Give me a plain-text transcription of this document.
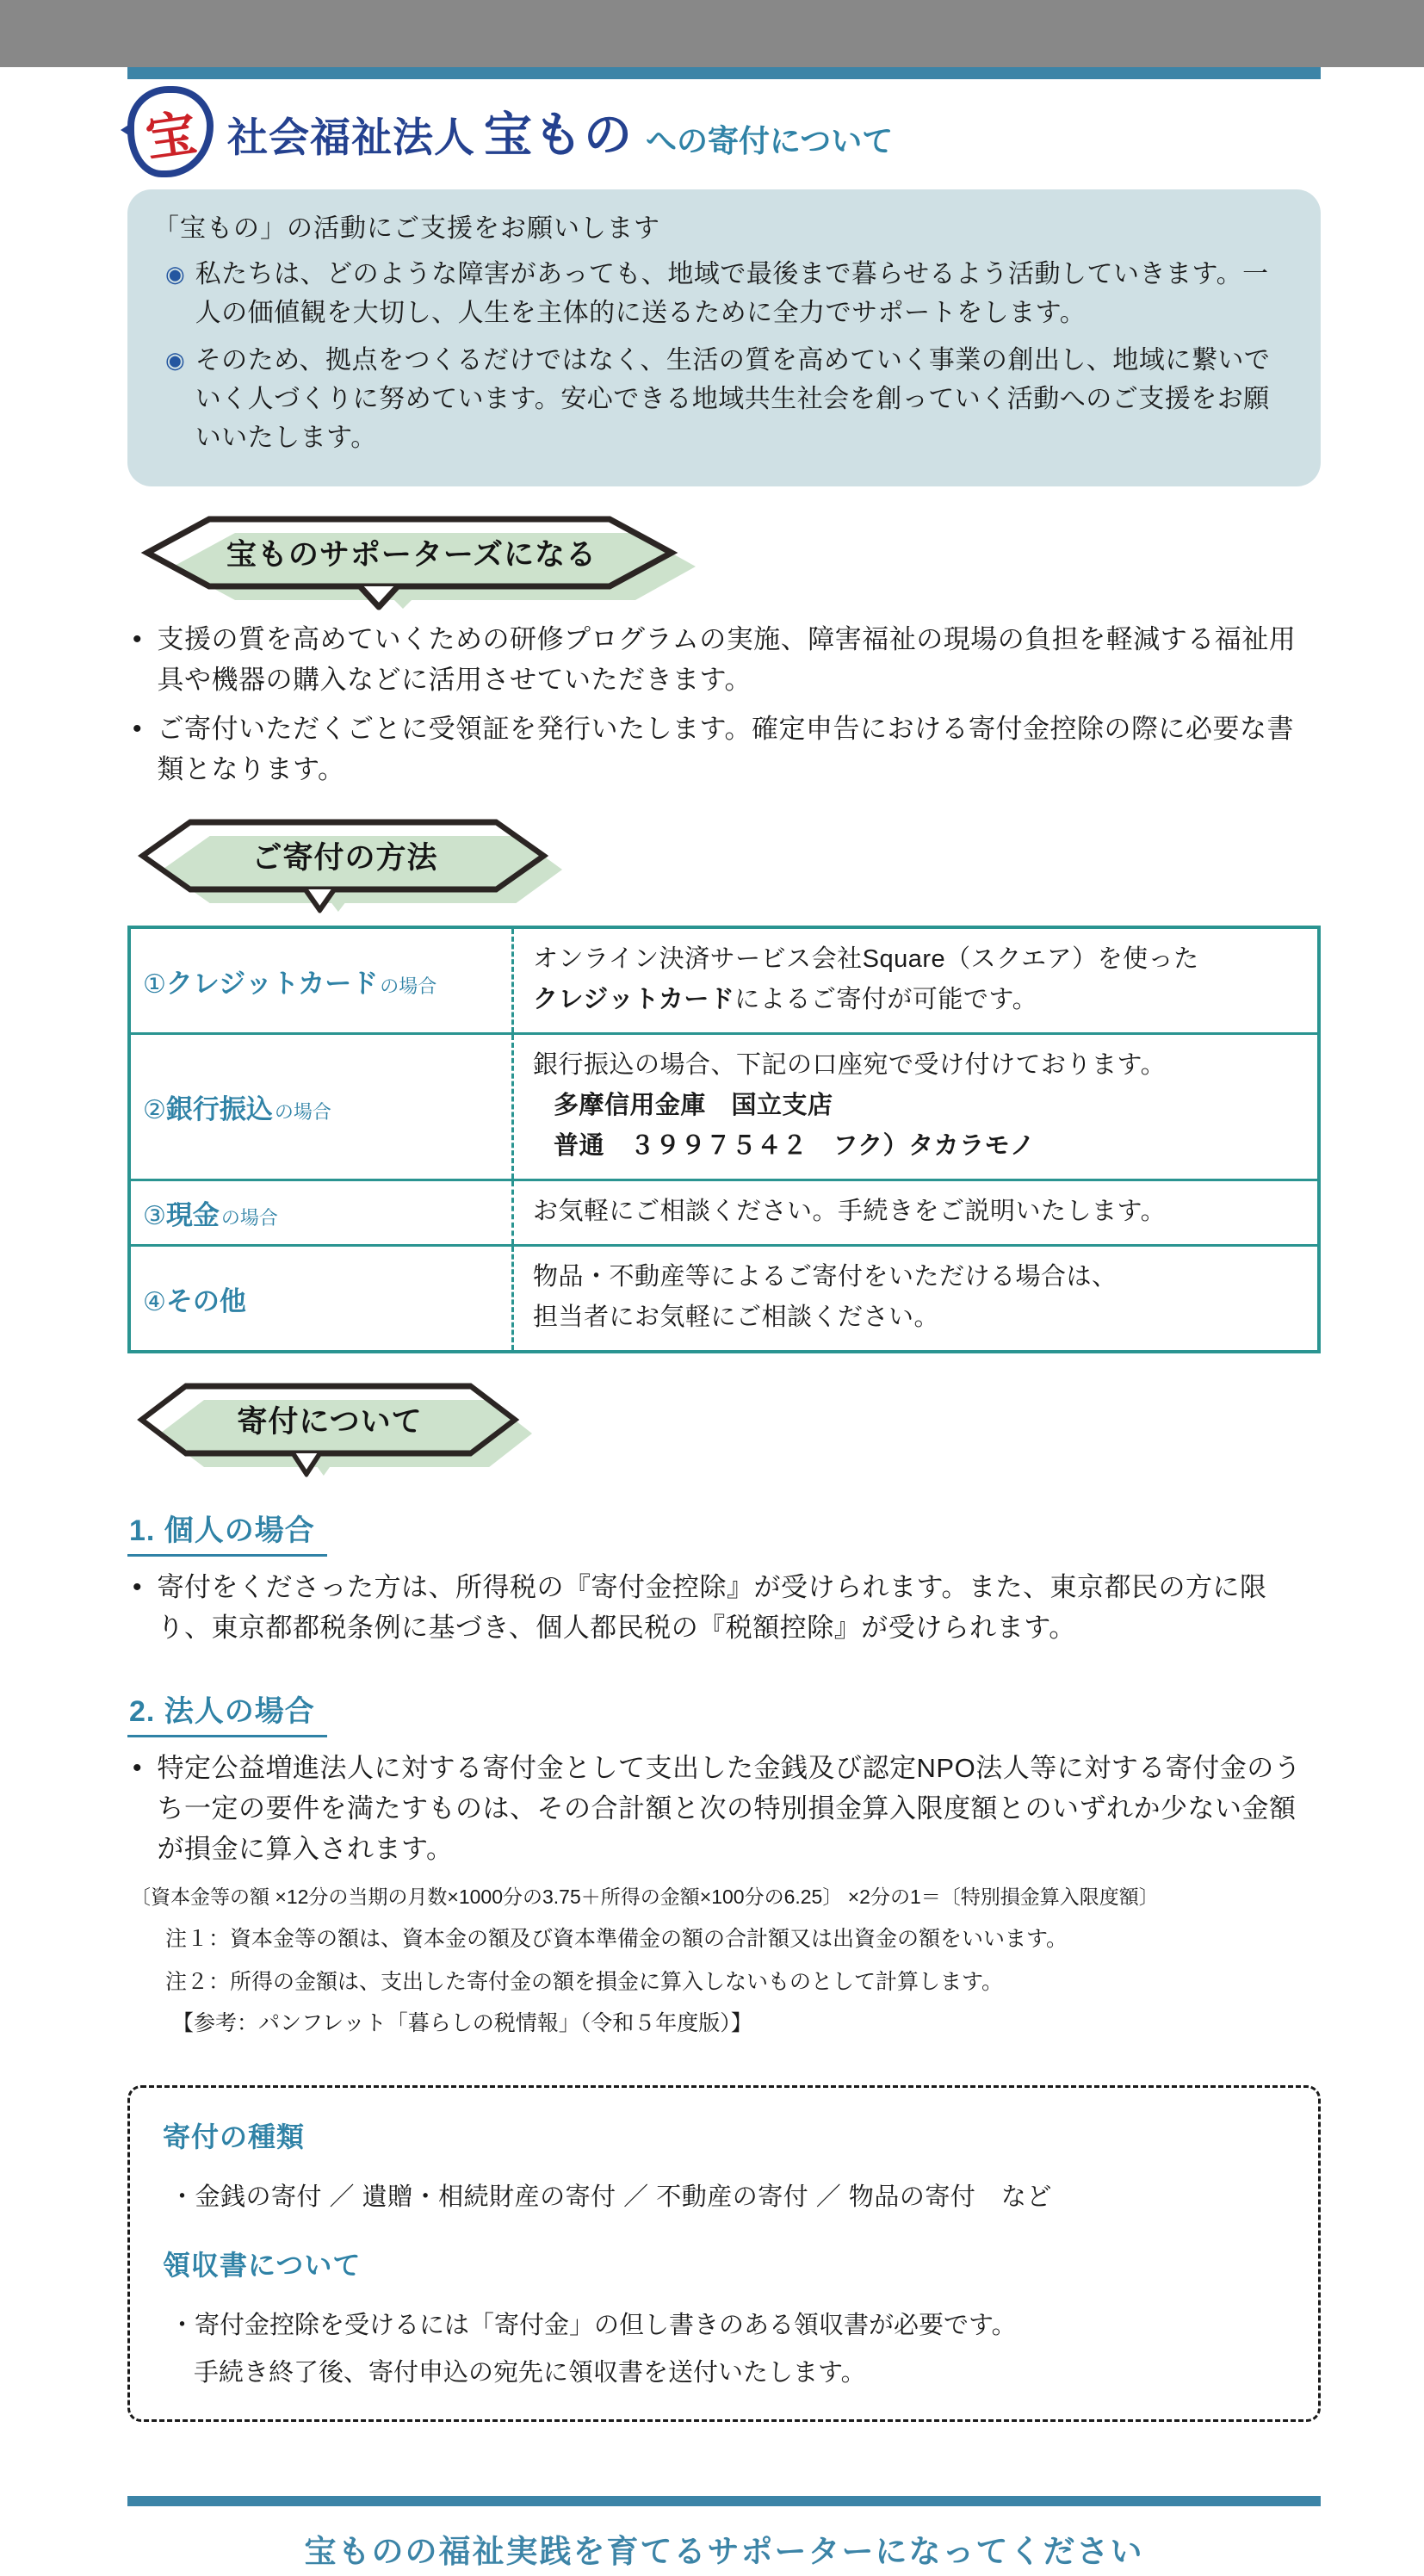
宝 社会福祉法人 宝もの への寄付について
「宝もの」の活動にご支援をお願いします
◉ 私たちは、どのような障害があっても、地域で最後まで暮らせるよう活動していきます。一人の価値観を大切し、人生を主体的に送るために全力でサポートをします。
◉ そのため、拠点をつくるだけではなく、生活の質を高めていく事業の創出し、地域に繋いでいく人づくりに努めています。安心できる地域共生社会を創っていく活動へのご支援をお願いいたします。
宝ものサポーターズになる
• 支援の質を高めていくための研修プログラムの実施、障害福祉の現場の負担を軽減する福祉用具や機器の購入などに活用させていただきます。
• ご寄付いただくごとに受領証を発行いたします。確定申告における寄付金控除の際に必要な書類となります。
ご寄付の方法
①クレジットカードの場合

オンライン決済サービス会社Square（スクエア）を使った

クレジットカードによるご寄付が可能です。

②銀行振込の場合

銀行振込の場合、下記の口座宛で受け付けております。

多摩信用金庫　国立支店

普通　３９９７５４２　フク）タカラモノ

③現金の場合	お気軽にご相談ください。手続きをご説明いたします。

④その他

物品・不動産等によるご寄付をいただける場合は、

担当者にお気軽にご相談ください。

寄付について
1. 個人の場合
• 寄付をくださった方は、所得税の『寄付金控除』が受けられます。また、東京都民の方に限り、東京都都税条例に基づき、個人都民税の『税額控除』が受けられます。
2. 法人の場合
• 特定公益増進法人に対する寄付金として支出した金銭及び認定NPO法人等に対する寄付金のうち一定の要件を満たすものは、その合計額と次の特別損金算入限度額とのいずれか少ない金額が損金に算入されます。
〔資本金等の額 ×12分の当期の月数×1000分の3.75＋所得の金額×100分の6.25〕 ×2分の1＝〔特別損金算入限度額〕
注１：資本金等の額は、資本金の額及び資本準備金の額の合計額又は出資金の額をいいます。
注２：所得の金額は、支出した寄付金の額を損金に算入しないものとして計算します。
【参考：パンフレット「暮らしの税情報」（令和５年度版）】
寄付の種類
・金銭の寄付 ／ 遺贈・相続財産の寄付 ／ 不動産の寄付 ／ 物品の寄付　など
領収書について
・寄付金控除を受けるには「寄付金」の但し書きのある領収書が必要です。
手続き終了後、寄付申込の宛先に領収書を送付いたします。
宝ものの福祉実践を育てるサポーターになってください
